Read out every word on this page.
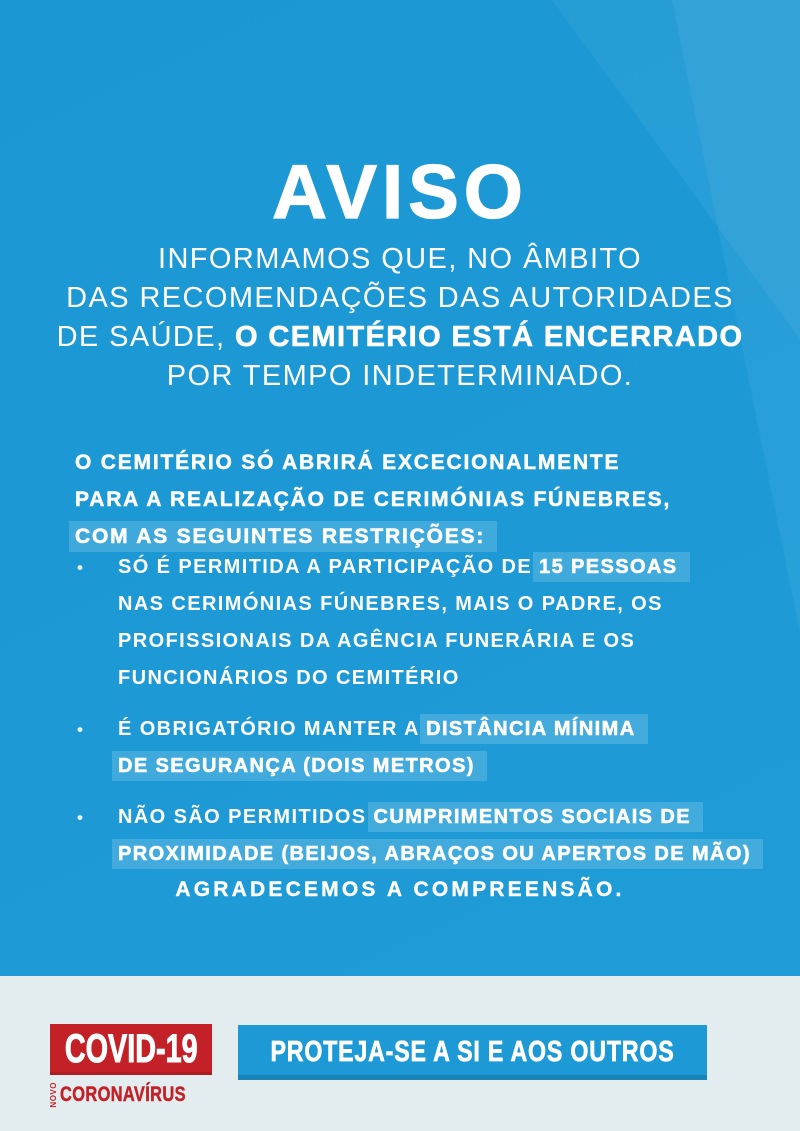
AVISO
INFORMAMOS QUE, NO ÂMBITO
DAS RECOMENDAÇÕES DAS AUTORIDADES
DE SAÚDE, O CEMITÉRIO ESTÁ ENCERRADO
POR TEMPO INDETERMINADO.
O CEMITÉRIO SÓ ABRIRÁ EXCECIONALMENTE
PARA A REALIZAÇÃO DE CERIMÓNIAS FÚNEBRES,
COM AS SEGUINTES RESTRIÇÕES:
• SÓ É PERMITIDA A PARTICIPAÇÃO DE 15 PESSOAS
NAS CERIMÓNIAS FÚNEBRES, MAIS O PADRE, OS
PROFISSIONAIS DA AGÊNCIA FUNERÁRIA E OS
FUNCIONÁRIOS DO CEMITÉRIO
• É OBRIGATÓRIO MANTER A DISTÂNCIA MÍNIMA
DE SEGURANÇA (DOIS METROS)
• NÃO SÃO PERMITIDOS CUMPRIMENTOS SOCIAIS DE
PROXIMIDADE (BEIJOS, ABRAÇOS OU APERTOS DE MÃO)
AGRADECEMOS A COMPREENSÃO.
COVID-19
NOVO CORONAVÍRUS
PROTEJA-SE A SI E AOS OUTROS
